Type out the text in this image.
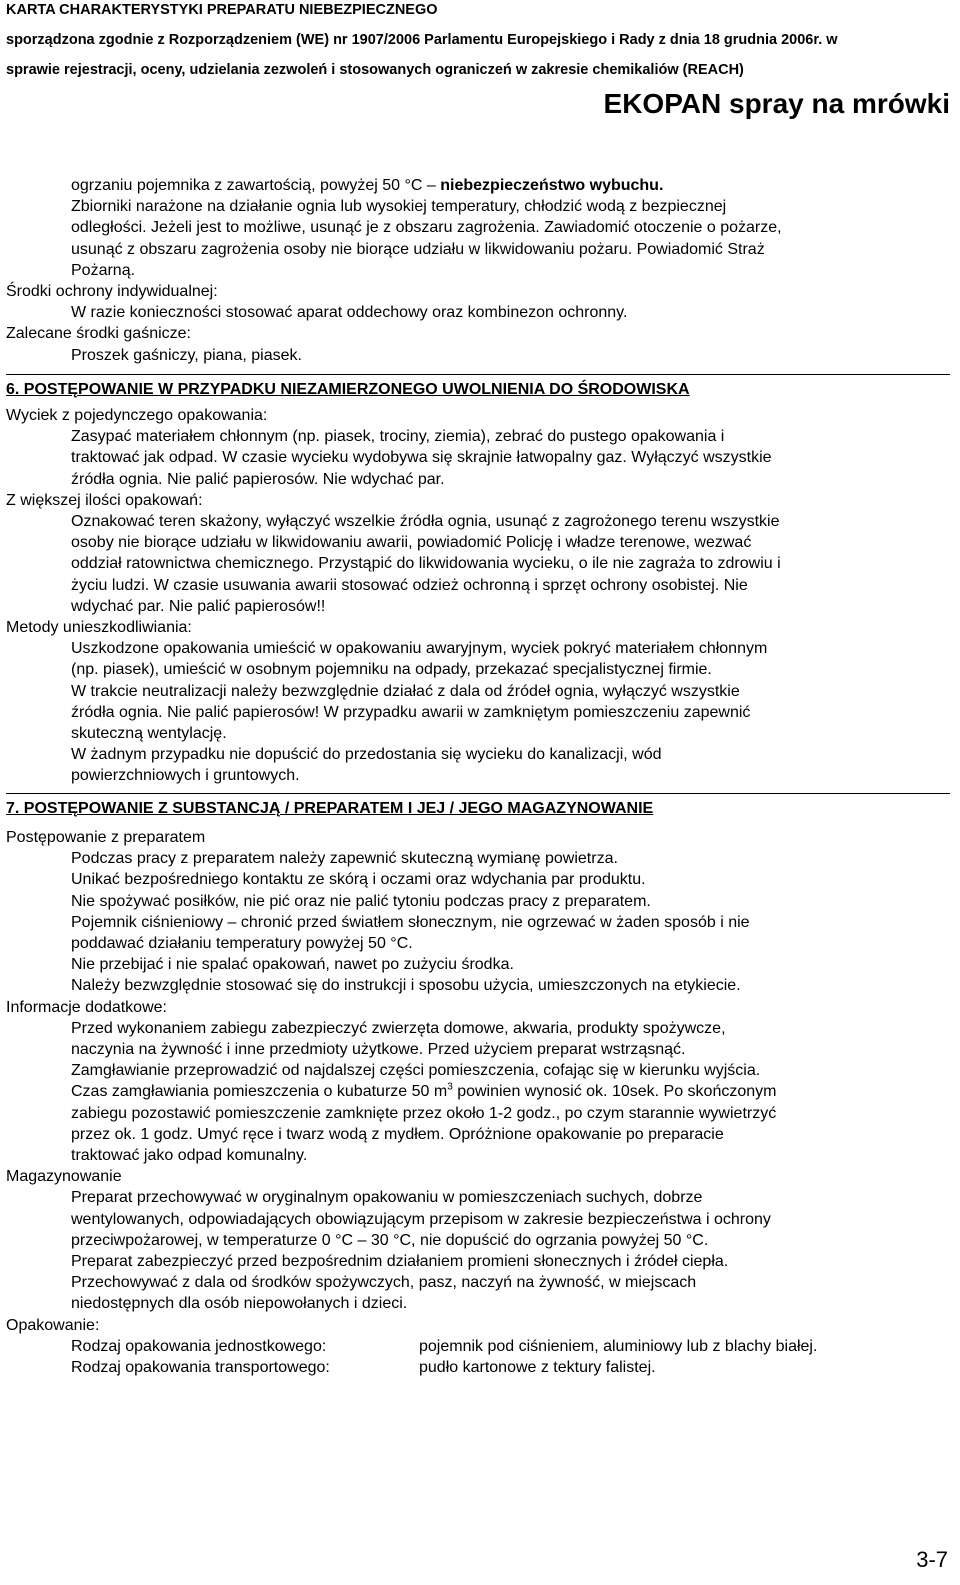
KARTA CHARAKTERYSTYKI PREPARATU NIEBEZPIECZNEGO
sporządzona zgodnie z Rozporządzeniem (WE) nr 1907/2006 Parlamentu Europejskiego i Rady z dnia 18 grudnia 2006r. w
sprawie rejestracji, oceny, udzielania zezwoleń i stosowanych ograniczeń w zakresie chemikaliów (REACH)
EKOPAN spray na mrówki
ogrzaniu pojemnika z zawartością, powyżej 50 °C – niebezpieczeństwo wybuchu.
Zbiorniki narażone na działanie ognia lub wysokiej temperatury, chłodzić wodą z bezpiecznej
odległości. Jeżeli jest to możliwe, usunąć je z obszaru zagrożenia. Zawiadomić otoczenie o pożarze,
usunąć z obszaru zagrożenia osoby nie biorące udziału w likwidowaniu pożaru. Powiadomić Straż
Pożarną.
Środki ochrony indywidualnej:
W razie konieczności stosować aparat oddechowy oraz kombinezon ochronny.
Zalecane środki gaśnicze:
Proszek gaśniczy, piana, piasek.
6. POSTĘPOWANIE W PRZYPADKU NIEZAMIERZONEGO UWOLNIENIA DO ŚRODOWISKA
Wyciek z pojedynczego opakowania:
Zasypać materiałem chłonnym (np. piasek, trociny, ziemia), zebrać do pustego opakowania i
traktować jak odpad. W czasie wycieku wydobywa się skrajnie łatwopalny gaz. Wyłączyć wszystkie
źródła ognia. Nie palić papierosów. Nie wdychać par.
Z większej ilości opakowań:
Oznakować teren skażony, wyłączyć wszelkie źródła ognia, usunąć z zagrożonego terenu wszystkie
osoby nie biorące udziału w likwidowaniu awarii, powiadomić Policję i władze terenowe, wezwać
oddział ratownictwa chemicznego. Przystąpić do likwidowania wycieku, o ile nie zagraża to zdrowiu i
życiu ludzi. W czasie usuwania awarii stosować odzież ochronną i sprzęt ochrony osobistej. Nie
wdychać par. Nie palić papierosów!!
Metody unieszkodliwiania:
Uszkodzone opakowania umieścić w opakowaniu awaryjnym, wyciek pokryć materiałem chłonnym
(np. piasek), umieścić w osobnym pojemniku na odpady, przekazać specjalistycznej firmie.
W trakcie neutralizacji należy bezwzględnie działać z dala od źródeł ognia, wyłączyć wszystkie
źródła ognia. Nie palić papierosów! W przypadku awarii w zamkniętym pomieszczeniu zapewnić
skuteczną wentylację.
W żadnym przypadku nie dopuścić do przedostania się wycieku do kanalizacji, wód
powierzchniowych i gruntowych.
7. POSTĘPOWANIE Z SUBSTANCJĄ / PREPARATEM I JEJ / JEGO MAGAZYNOWANIE
Postępowanie z preparatem
Podczas pracy z preparatem należy zapewnić skuteczną wymianę powietrza.
Unikać bezpośredniego kontaktu ze skórą i oczami oraz wdychania par produktu.
Nie spożywać posiłków, nie pić oraz nie palić tytoniu podczas pracy z preparatem.
Pojemnik ciśnieniowy – chronić przed światłem słonecznym, nie ogrzewać w żaden sposób i nie
poddawać działaniu temperatury powyżej 50 °C.
Nie przebijać i nie spalać opakowań, nawet po zużyciu środka.
Należy bezwzględnie stosować się do instrukcji i sposobu użycia, umieszczonych na etykiecie.
Informacje dodatkowe:
Przed wykonaniem zabiegu zabezpieczyć zwierzęta domowe, akwaria, produkty spożywcze,
naczynia na żywność i inne przedmioty użytkowe. Przed użyciem preparat wstrząsnąć.
Zamgławianie przeprowadzić od najdalszej części pomieszczenia, cofając się w kierunku wyjścia.
Czas zamgławiania pomieszczenia o kubaturze 50 $m^3$ powinien wynosić ok. 10sek. Po skończonym
zabiegu pozostawić pomieszczenie zamknięte przez około 1-2 godz., po czym starannie wywietrzyć
przez ok. 1 godz. Umyć ręce i twarz wodą z mydłem. Opróżnione opakowanie po preparacie
traktować jako odpad komunalny.
Magazynowanie
Preparat przechowywać w oryginalnym opakowaniu w pomieszczeniach suchych, dobrze
wentylowanych, odpowiadających obowiązującym przepisom w zakresie bezpieczeństwa i ochrony
przeciwpożarowej, w temperaturze 0 °C – 30 °C, nie dopuścić do ogrzania powyżej 50 °C.
Preparat zabezpieczyć przed bezpośrednim działaniem promieni słonecznych i źródeł ciepła.
Przechowywać z dala od środków spożywczych, pasz, naczyń na żywność, w miejscach
niedostępnych dla osób niepowołanych i dzieci.
Opakowanie:
Rodzaj opakowania jednostkowego:	pojemnik pod ciśnieniem, aluminiowy lub z blachy białej.
Rodzaj opakowania transportowego:	pudło kartonowe z tektury falistej.
3-7
